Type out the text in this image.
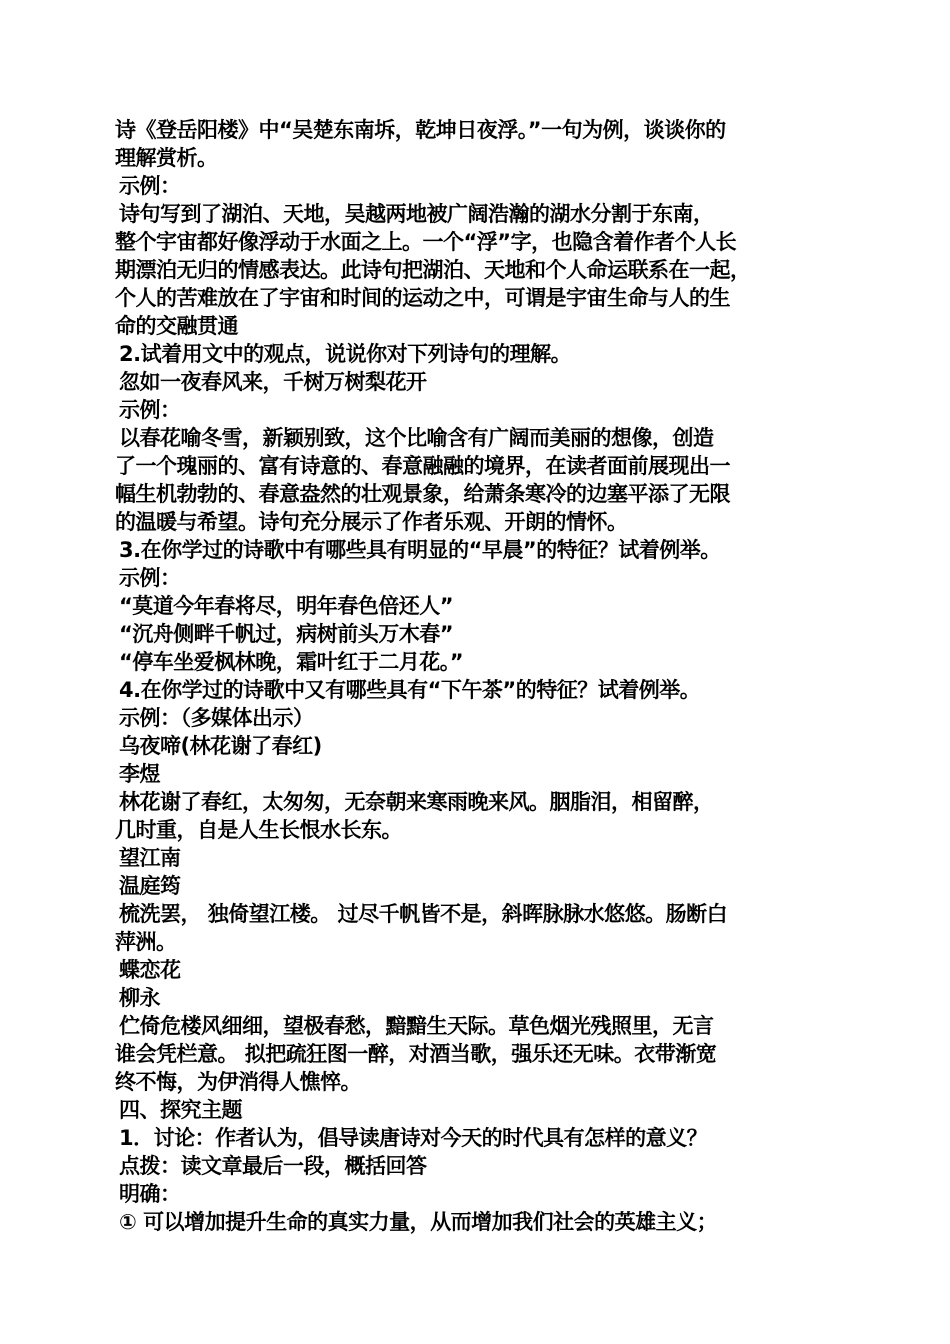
诗《登岳阳楼》中“吴楚东南坼，乾坤日夜浮。”一句为例，谈谈你的
理解赏析。
示例：
诗句写到了湖泊、天地，吴越两地被广阔浩瀚的湖水分割于东南，
整个宇宙都好像浮动于水面之上。一个“浮”字，也隐含着作者个人长
期漂泊无归的情感表达。此诗句把湖泊、天地和个人命运联系在一起，
个人的苦难放在了宇宙和时间的运动之中，可谓是宇宙生命与人的生
命的交融贯通
2.试着用文中的观点，说说你对下列诗句的理解。
忽如一夜春风来，千树万树梨花开
示例：
以春花喻冬雪，新颖别致，这个比喻含有广阔而美丽的想像，创造
了一个瑰丽的、富有诗意的、春意融融的境界，在读者面前展现出一
幅生机勃勃的、春意盎然的壮观景象，给萧条寒冷的边塞平添了无限
的温暖与希望。诗句充分展示了作者乐观、开朗的情怀。
3.在你学过的诗歌中有哪些具有明显的“早晨”的特征？试着例举。
示例：
“莫道今年春将尽，明年春色倍还人”
“沉舟侧畔千帆过，病树前头万木春”
“停车坐爱枫林晚，霜叶红于二月花。”
4.在你学过的诗歌中又有哪些具有“下午茶”的特征？试着例举。
示例：（多媒体出示）
乌夜啼(林花谢了春红)
李煜
林花谢了春红，太匆匆，无奈朝来寒雨晚来风。胭脂泪，相留醉，
几时重，自是人生长恨水长东。
望江南
温庭筠
梳洗罢， 独倚望江楼。 过尽千帆皆不是，斜晖脉脉水悠悠。肠断白
萍洲。
蝶恋花
柳永
伫倚危楼风细细，望极春愁，黯黯生天际。草色烟光残照里，无言
谁会凭栏意。 拟把疏狂图一醉，对酒当歌，强乐还无味。衣带渐宽
终不悔，为伊消得人憔悴。
四、探究主题
1．讨论：作者认为，倡导读唐诗对今天的时代具有怎样的意义？
点拨：读文章最后一段，概括回答
明确：
① 可以增加提升生命的真实力量，从而增加我们社会的英雄主义；
